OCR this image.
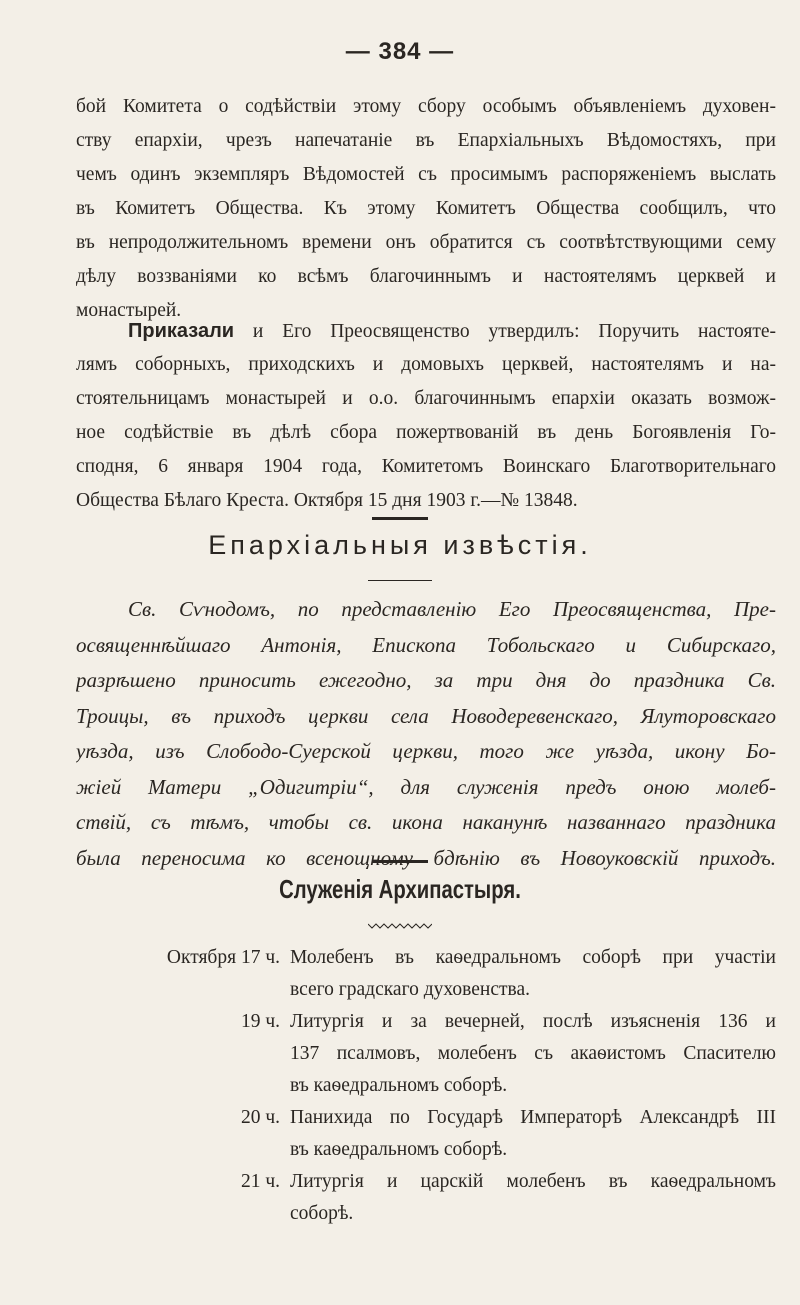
— 384 —
бой Комитета о содѣйствіи этому сбору особымъ объявленіемъ духовен-
ству епархіи, чрезъ напечатаніе въ Епархіальныхъ Вѣдомостяхъ, при
чемъ одинъ экземпляръ Вѣдомостей съ просимымъ распоряженіемъ выслать
въ Комитетъ Общества. Къ этому Комитетъ Общества сообщилъ, что
въ непродолжительномъ времени онъ обратится съ соотвѣтствующими сему
дѣлу воззваніями ко всѣмъ благочиннымъ и настоятелямъ церквей и
монастырей.
Приказали и Его Преосвященство утвердилъ: Поручить настояте-
лямъ соборныхъ, приходскихъ и домовыхъ церквей, настоятелямъ и на-
стоятельницамъ монастырей и о.о. благочиннымъ епархіи оказать возмож-
ное содѣйствіе въ дѣлѣ сбора пожертвованій въ день Богоявленія Го-
сподня, 6 января 1904 года, Комитетомъ Воинскаго Благотворительнаго
Общества Бѣлаго Креста. Октября 15 дня 1903 г.—№ 13848.
Епархіальныя извѣстія.
Св. Сѵнодомъ, по представленію Его Преосвященства, Пре-
освященнѣйшаго Антонія, Епископа Тобольскаго и Сибирскаго,
разрѣшено приносить ежегодно, за три дня до праздника Св.
Троицы, въ приходъ церкви села Новодеревенскаго, Ялуторовскаго
уѣзда, изъ Слободо-Суерской церкви, того же уѣзда, икону Бо-
жіей Матери „Одигитріи“, для служенія предъ оною молеб-
ствій, съ тѣмъ, чтобы св. икона наканунѣ названнаго праздника
была переносима ко всенощному бдѣнію въ Новоуковскій приходъ.
Служенія Архипастыря.
Октября 17 ч. Молебенъ въ каѳедральномъ соборѣ при участіи
всего градскаго духовенства.
19 ч. Литургія и за вечерней, послѣ изъясненія 136 и
137 псалмовъ, молебенъ съ акаѳистомъ Спасителю
въ каѳедральномъ соборѣ.
20 ч. Панихида по Государѣ Императорѣ Александрѣ III
въ каѳедральномъ соборѣ.
21 ч. Литургія и царскій молебенъ въ каѳедральномъ
соборѣ.
